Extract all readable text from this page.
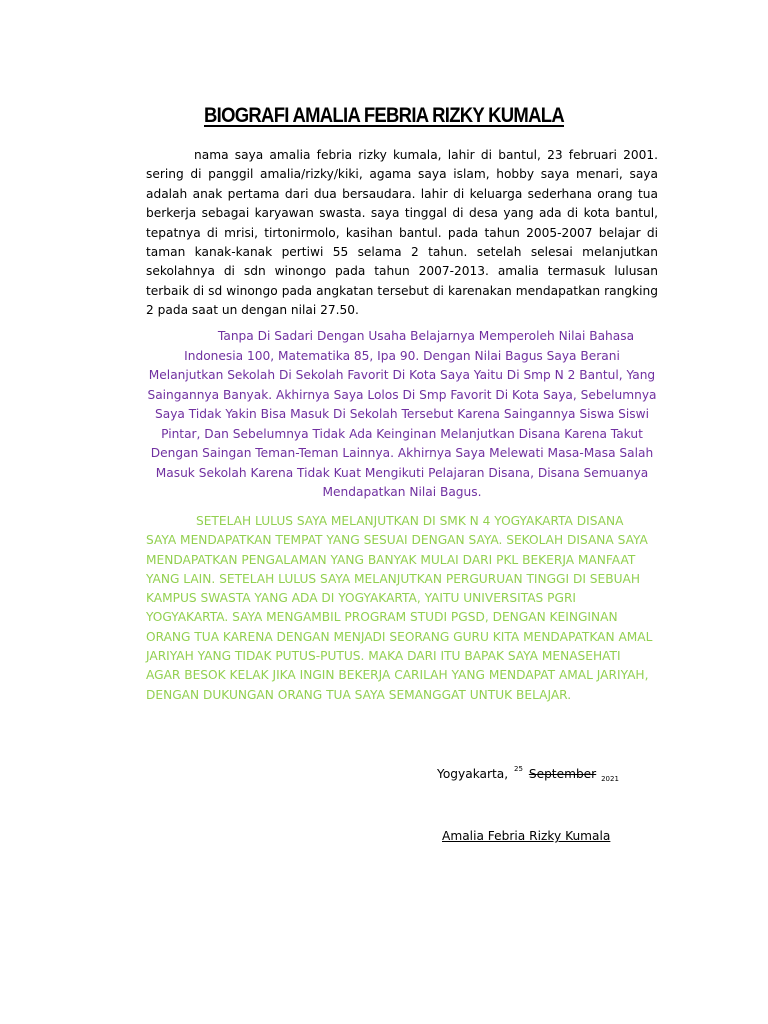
BIOGRAFI AMALIA FEBRIA RIZKY KUMALA

nama saya amalia febria rizky kumala, lahir di bantul, 23 februari 2001. sering di panggil amalia/rizky/kiki, agama saya islam, hobby saya menari, saya adalah anak pertama dari dua bersaudara. lahir di keluarga sederhana orang tua berkerja sebagai karyawan swasta. saya tinggal di desa yang ada di kota bantul, tepatnya di mrisi, tirtonirmolo, kasihan bantul. pada tahun 2005-2007 belajar di taman kanak-kanak pertiwi 55 selama 2 tahun. setelah selesai melanjutkan sekolahnya di sdn winongo pada tahun 2007-2013. amalia termasuk lulusan terbaik di sd winongo pada angkatan tersebut di karenakan mendapatkan rangking 2 pada saat un dengan nilai 27.50.

Tanpa Di Sadari Dengan Usaha Belajarnya Memperoleh Nilai Bahasa Indonesia 100, Matematika 85, Ipa 90. Dengan Nilai Bagus Saya Berani Melanjutkan Sekolah Di Sekolah Favorit Di Kota Saya Yaitu Di Smp N 2 Bantul, Yang Saingannya Banyak. Akhirnya Saya Lolos Di Smp Favorit Di Kota Saya, Sebelumnya Saya Tidak Yakin Bisa Masuk Di Sekolah Tersebut Karena Saingannya Siswa Siswi Pintar, Dan Sebelumnya Tidak Ada Keinginan Melanjutkan Disana Karena Takut Dengan Saingan Teman-Teman Lainnya. Akhirnya Saya Melewati Masa-Masa Salah Masuk Sekolah Karena Tidak Kuat Mengikuti Pelajaran Disana, Disana Semuanya Mendapatkan Nilai Bagus.

SETELAH LULUS SAYA MELANJUTKAN DI SMK N 4 YOGYAKARTA DISANA SAYA MENDAPATKAN TEMPAT YANG SESUAI DENGAN SAYA. SEKOLAH DISANA SAYA MENDAPATKAN PENGALAMAN YANG BANYAK MULAI DARI PKL BEKERJA MANFAAT YANG LAIN. SETELAH LULUS SAYA MELANJUTKAN PERGURUAN TINGGI DI SEBUAH KAMPUS SWASTA YANG ADA DI YOGYAKARTA, YAITU UNIVERSITAS PGRI YOGYAKARTA. SAYA MENGAMBIL PROGRAM STUDI PGSD, DENGAN KEINGINAN ORANG TUA KARENA DENGAN MENJADI SEORANG GURU KITA MENDAPATKAN AMAL JARIYAH YANG TIDAK PUTUS-PUTUS. MAKA DARI ITU BAPAK SAYA MENASEHATI AGAR BESOK KELAK JIKA INGIN BEKERJA CARILAH YANG MENDAPAT AMAL JARIYAH, DENGAN DUKUNGAN ORANG TUA SAYA SEMANGGAT UNTUK BELAJAR.

Yogyakarta, $^{25}$ September $_{2021}$

Amalia Febria Rizky Kumala
